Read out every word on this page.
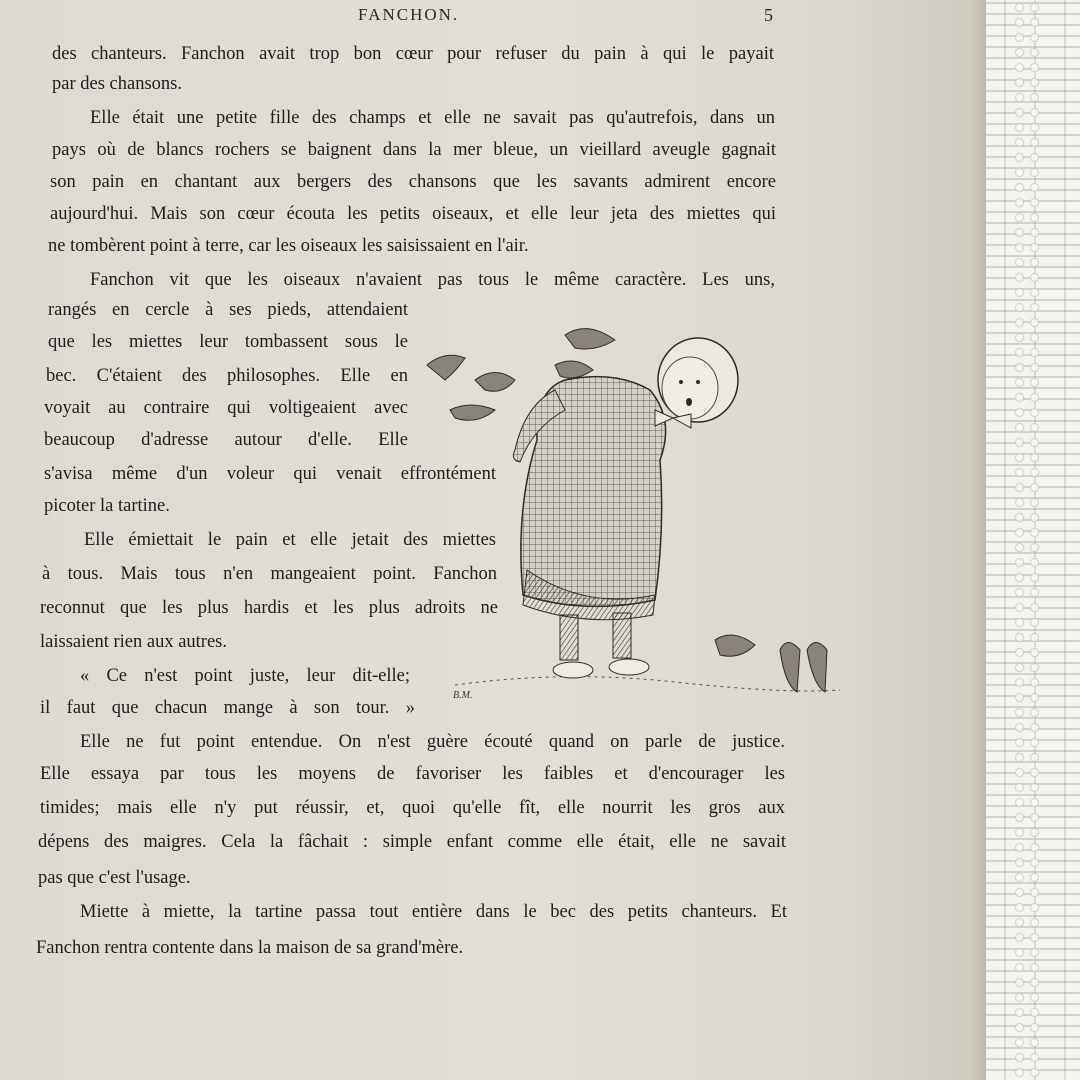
FANCHON.	5
des chanteurs. Fanchon avait trop bon cœur pour refuser du pain à qui le payait
par des chansons.
Elle était une petite fille des champs et elle ne savait pas qu'autrefois, dans un
pays où de blancs rochers se baignent dans la mer bleue, un vieillard aveugle gagnait
son pain en chantant aux bergers des chansons que les savants admirent encore
aujourd'hui. Mais son cœur écouta les petits oiseaux, et elle leur jeta des miettes qui
ne tombèrent point à terre, car les oiseaux les saisissaient en l'air.
Fanchon vit que les oiseaux n'avaient pas tous le même caractère. Les uns,
rangés en cercle à ses pieds, attendaient
que les miettes leur tombassent sous le
bec. C'étaient des philosophes. Elle en
voyait au contraire qui voltigeaient avec
beaucoup d'adresse autour d'elle. Elle
s'avisa même d'un voleur qui venait effrontément
picoter la tartine.
Elle émiettait le pain et elle jetait des miettes
à tous. Mais tous n'en mangeaient point. Fanchon
reconnut que les plus hardis et les plus adroits ne
laissaient rien aux autres.
« Ce n'est point juste, leur dit-elle;
il faut que chacun mange à son tour. »
Elle ne fut point entendue. On n'est guère écouté quand on parle de justice.
Elle essaya par tous les moyens de favoriser les faibles et d'encourager les
timides; mais elle n'y put réussir, et, quoi qu'elle fît, elle nourrit les gros aux
dépens des maigres. Cela la fâchait : simple enfant comme elle était, elle ne savait
pas que c'est l'usage.
Miette à miette, la tartine passa tout entière dans le bec des petits chanteurs. Et
Fanchon rentra contente dans la maison de sa grand'mère.
B.M.
